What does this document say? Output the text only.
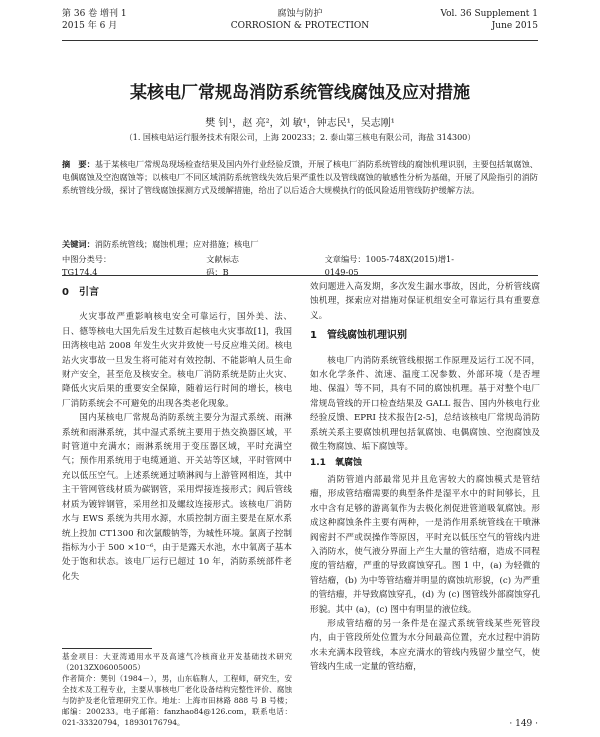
第 36 卷 增刊 1
2015 年 6 月
腐蚀与防护
CORROSION & PROTECTION
Vol. 36 Supplement 1
June 2015
某核电厂常规岛消防系统管线腐蚀及应对措施
樊 钊¹，赵 亮²，刘 敏¹，钟志民¹，吴志刚¹
（1. 国核电站运行服务技术有限公司，上海 200233；2. 泰山第三核电有限公司，海盐 314300）
摘　要：基于某核电厂常规岛现场检查结果及国内外行业经验反馈，开展了核电厂消防系统管线的腐蚀机理识别，主要包括氧腐蚀、电偶腐蚀及空泡腐蚀等；以核电厂不同区域消防系统管线失效后果严重性以及管线腐蚀的敏感性分析为基础，开展了风险指引的消防系统管线分级，探讨了管线腐蚀探测方式及缓解措施，给出了以后适合大规模执行的低风险适用管线防护缓解方法。
关键词：消防系统管线；腐蚀机理；应对措施；核电厂
中图分类号：TG174.4
文献标志码：B
文章编号：1005-748X(2015)增1-0149-05
0　引言

火灾事故严重影响核电安全可靠运行，国外美、法、日、德等核电大国先后发生过数百起核电火灾事故[1]，我国田湾核电站 2008 年发生火灾并致使一号反应堆关闭。核电站火灾事故一旦发生将可能对有效控制、不能影响人员生命财产安全，甚至危及核安全。核电厂消防系统是防止火灾、降低火灾后果的重要安全保障，随着运行时间的增长，核电厂消防系统会不可避免的出现各类老化现象。

国内某核电厂常规岛消防系统主要分为湿式系统、雨淋系统和雨淋系统，其中湿式系统主要用于热交换器区域，平时管道中充满水；雨淋系统用于变压器区域，平时充满空气；预作用系统用于电缆通道、开关站等区域，平时管网中充以低压空气。上述系统通过喷淋阀与上游管网相连，其中主干管网管线材质为碳钢管，采用焊接连接形式；阀后管线材质为镀锌钢管，采用丝扣及螺纹连接形式。该核电厂消防水与 EWS 系统为共用水源，水质控制方面主要是在原水系统上投加 CT1300 和次氯酸钠等，为城性环境。氯离子控制指标为小于 500 ×10⁻⁶，由于是露天水池，水中氧离子基本处于饱和状态。该电厂运行已超过 10 年，消防系统部件老化失

效问题进入高发期，多次发生漏水事故，因此，分析管线腐蚀机理，探索应对措施对保证机组安全可靠运行具有重要意义。

1　管线腐蚀机理识别

核电厂内消防系统管线根据工作原理及运行工况不同，如水化学条件、流速、温度工况参数、外部环境（是否埋地、保温）等不同，具有不同的腐蚀机理。基于对整个电厂常规岛管线的开口检查结果及 GALL 报告、国内外核电行业经验反馈、EPRI 技术报告[2-5]，总结该核电厂常规岛消防系统关系主要腐蚀机理包括氧腐蚀、电偶腐蚀、空泡腐蚀及微生物腐蚀、垢下腐蚀等。

1.1　氧腐蚀

消防管道内部最常见并且危害较大的腐蚀模式是管结瘤，形成管结瘤需要的典型条件是湿平水中的时间够长，且水中含有足够的游离氧作为去极化剂促进管道吸氧腐蚀。形成这种腐蚀条件主要有两种，一是消作用系统管线在干喷淋阀密封不严或误操作等原因，平时充以低压空气的管线内进入消防水，使气液分界面上产生大量的管结瘤，造成不同程度的管结瘤，严重的导致腐蚀穿孔。图 1 中，(a) 为轻微的管结瘤，(b) 为中等管结瘤并明显的腐蚀坑形貌，(c) 为严重的管结瘤，并导致腐蚀穿孔，(d) 为 (c) 图管线外部腐蚀穿孔形貌。其中 (a)，(c) 图中有明显的液位线。

形成管结瘤的另一条件是在湿式系统管线某些死管段内，由于管段所处位置为水分间最高位置，充水过程中消防水未充满本段管线，本应充满水的管线内残留少量空气，使管线内生成一定量的管结瘤，

基金项目：大亚湾通用水平及高速气冷核商业开发基础技术研究（2013ZX06005005）

作者简介：樊钊（1984－），男，山东临朐人，工程师，研究生，安全技术及工程专业，主要从事核电厂老化设备结构完整性评价、腐蚀与防护及老化管理研究工作。地址：上海市田林路 888 号 B 号楼；邮编：200233。电子邮箱：fanzhao84@126.com，联系电话：021-33320794，18930176794。	· 149 ·
